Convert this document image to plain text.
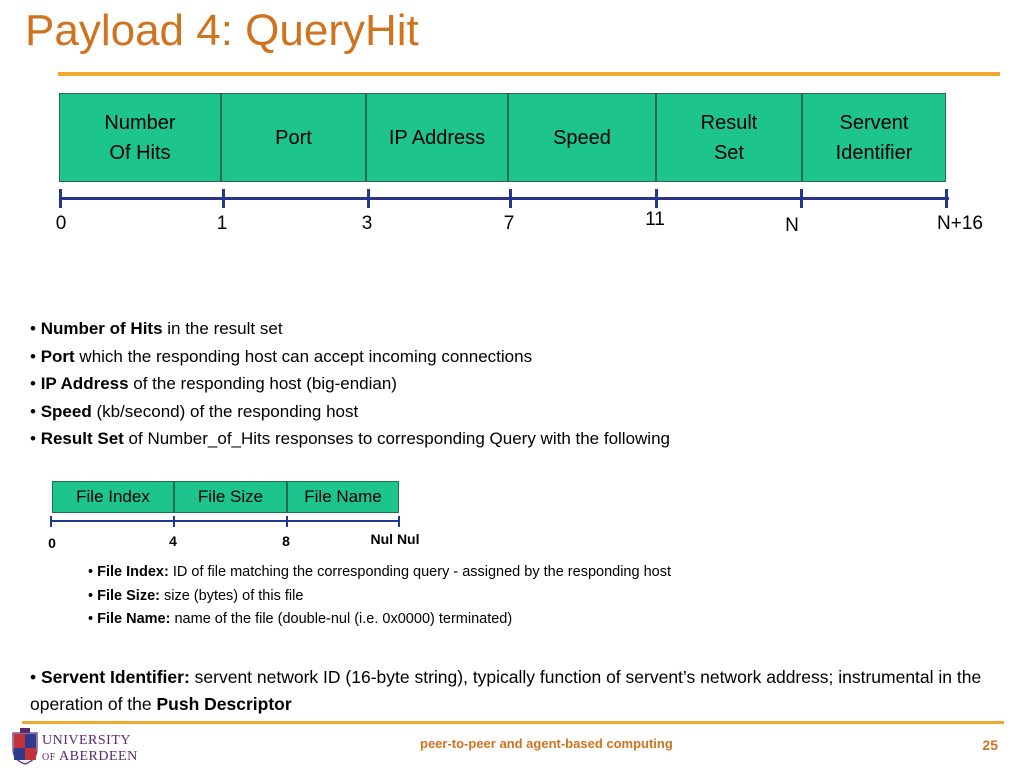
Payload 4: QueryHit
Number
Of Hits
Port	IP Address	Speed
Result
Set
Servent
Identifier
0	1	3	7	11	N	N+16
• Number of Hits in the result set
• Port which the responding host can accept incoming connections
• IP Address of the responding host (big-endian)
• Speed (kb/second) of the responding host
• Result Set of Number_of_Hits responses to corresponding Query with the following
File Index	File Size	File Name
0	4	8	Nul Nul
• File Index: ID of file matching the corresponding query - assigned by the responding host
• File Size: size (bytes) of this file
• File Name: name of the file (double-nul (i.e. 0x0000) terminated)
• Servent Identifier: servent network ID (16-byte string), typically function of servent’s network address; instrumental in the operation of the Push Descriptor
UNIVERSITY
OF ABERDEEN
peer-to-peer and agent-based computing	25
